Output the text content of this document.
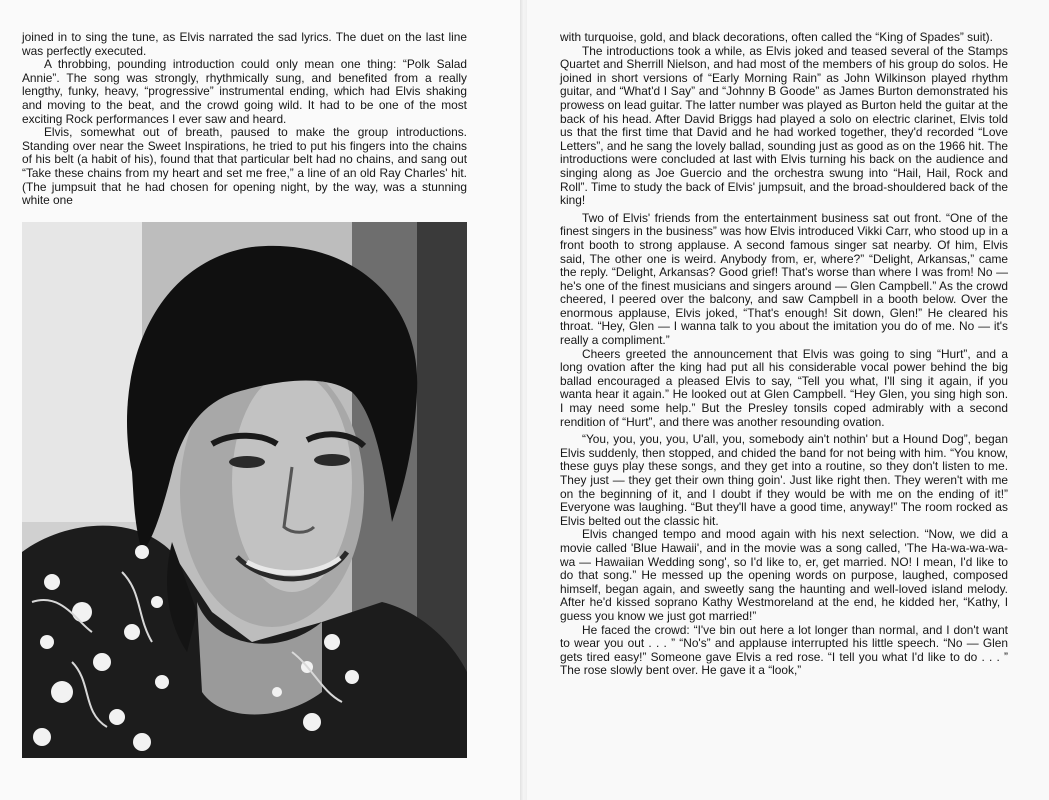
joined in to sing the tune, as Elvis narrated the sad lyrics. The duet on the last line was perfectly executed.

A throbbing, pounding introduction could only mean one thing: “Polk Salad Annie”. The song was strongly, rhythmically sung, and benefited from a really lengthy, funky, heavy, “progressive” instrumental ending, which had Elvis shaking and moving to the beat, and the crowd going wild. It had to be one of the most exciting Rock performances I ever saw and heard.

Elvis, somewhat out of breath, paused to make the group introductions. Standing over near the Sweet Inspirations, he tried to put his fingers into the chains of his belt (a habit of his), found that that particular belt had no chains, and sang out “Take these chains from my heart and set me free,” a line of an old Ray Charles' hit. (The jumpsuit that he had chosen for opening night, by the way, was a stunning white one

with turquoise, gold, and black decorations, often called the “King of Spades” suit).

The introductions took a while, as Elvis joked and teased several of the Stamps Quartet and Sherrill Nielson, and had most of the members of his group do solos. He joined in short versions of “Early Morning Rain” as John Wilkinson played rhythm guitar, and “What'd I Say” and “Johnny B Goode” as James Burton demonstrated his prowess on lead guitar. The latter number was played as Burton held the guitar at the back of his head. After David Briggs had played a solo on electric clarinet, Elvis told us that the first time that David and he had worked together, they'd recorded “Love Letters”, and he sang the lovely ballad, sounding just as good as on the 1966 hit. The introductions were concluded at last with Elvis turning his back on the audience and singing along as Joe Guercio and the orchestra swung into “Hail, Hail, Rock and Roll”. Time to study the back of Elvis' jumpsuit, and the broad-shouldered back of the king!

Two of Elvis' friends from the entertainment business sat out front. “One of the finest singers in the business” was how Elvis introduced Vikki Carr, who stood up in a front booth to strong applause. A second famous singer sat nearby. Of him, Elvis said, The other one is weird. Anybody from, er, where?” “Delight, Arkansas,” came the reply. “Delight, Arkansas? Good grief! That's worse than where I was from! No — he's one of the finest musicians and singers around — Glen Campbell.” As the crowd cheered, I peered over the balcony, and saw Campbell in a booth below. Over the enormous applause, Elvis joked, “That's enough! Sit down, Glen!” He cleared his throat. “Hey, Glen — I wanna talk to you about the imitation you do of me. No — it's really a compliment.”

Cheers greeted the announcement that Elvis was going to sing “Hurt”, and a long ovation after the king had put all his considerable vocal power behind the big ballad encouraged a pleased Elvis to say, “Tell you what, I'll sing it again, if you wanta hear it again.” He looked out at Glen Campbell. “Hey Glen, you sing high son. I may need some help.” But the Presley tonsils coped admirably with a second rendition of “Hurt”, and there was another resounding ovation.

“You, you, you, you, U'all, you, somebody ain't nothin' but a Hound Dog”, began Elvis suddenly, then stopped, and chided the band for not being with him. “You know, these guys play these songs, and they get into a routine, so they don't listen to me. They just — they get their own thing goin'. Just like right then. They weren't with me on the beginning of it, and I doubt if they would be with me on the ending of it!” Everyone was laughing. “But they'll have a good time, anyway!” The room rocked as Elvis belted out the classic hit.

Elvis changed tempo and mood again with his next selection. “Now, we did a movie called 'Blue Hawaii', and in the movie was a song called, 'The Ha-wa-wa-wa-wa — Hawaiian Wedding song', so I'd like to, er, get married. NO! I mean, I'd like to do that song.” He messed up the opening words on purpose, laughed, composed himself, began again, and sweetly sang the haunting and well-loved island melody. After he'd kissed soprano Kathy Westmoreland at the end, he kidded her, “Kathy, I guess you know we just got married!”

He faced the crowd: “I've bin out here a lot longer than normal, and I don't want to wear you out . . . ” “No's” and applause interrupted his little speech. “No — Glen gets tired easy!” Someone gave Elvis a red rose. “I tell you what I'd like to do . . . ” The rose slowly bent over. He gave it a “look,”
